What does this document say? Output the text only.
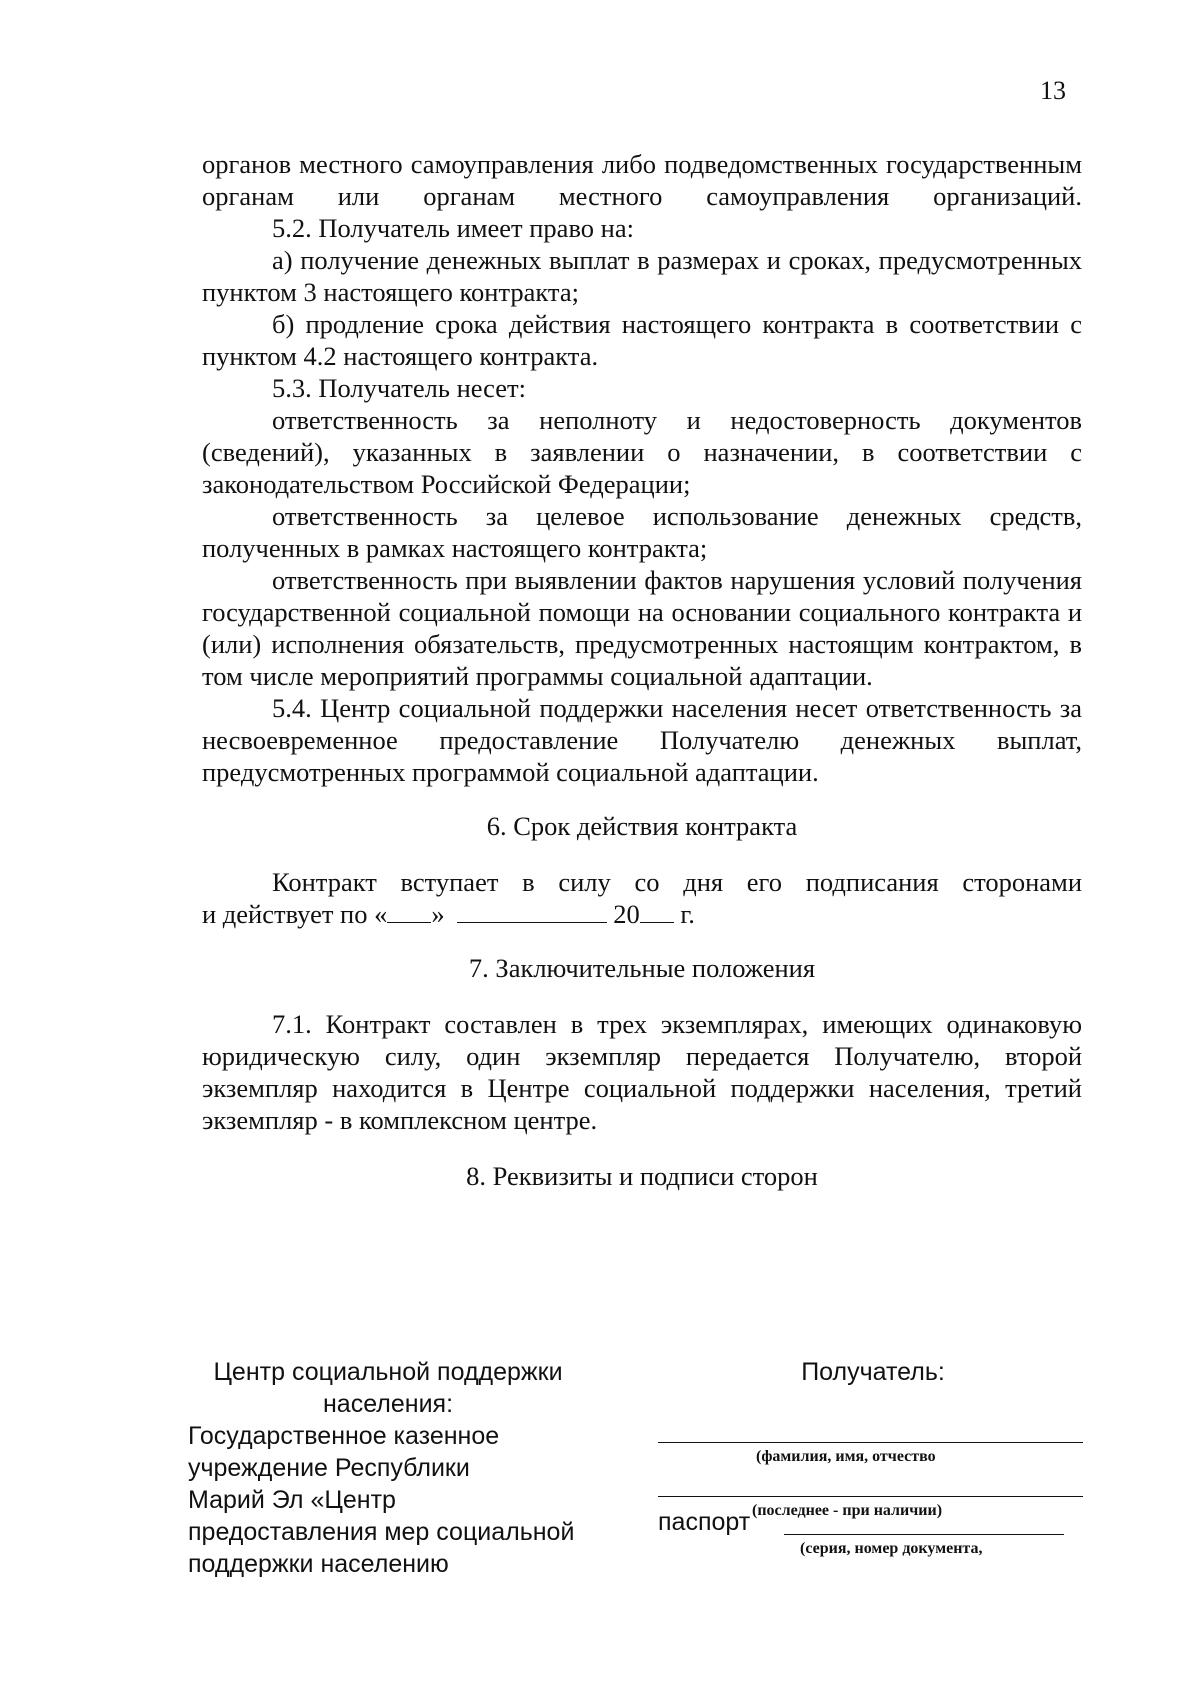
13

органов местного самоуправления либо подведомственных государственным органам или органам местного самоуправления организаций.

5.2. Получатель имеет право на:

а) получение денежных выплат в размерах и сроках, предусмотренных пунктом 3 настоящего контракта;

б) продление срока действия настоящего контракта в соответствии с пунктом 4.2 настоящего контракта.

5.3. Получатель несет:

ответственность за неполноту и недостоверность документов (сведений), указанных в заявлении о назначении, в соответствии с законодательством Российской Федерации;

ответственность за целевое использование денежных средств, полученных в рамках настоящего контракта;

ответственность при выявлении фактов нарушения условий получения государственной социальной помощи на основании социального контракта и (или) исполнения обязательств, предусмотренных настоящим контрактом, в том числе мероприятий программы социальной адаптации.

5.4. Центр социальной поддержки населения несет ответственность за несвоевременное предоставление Получателю денежных выплат, предусмотренных программой социальной адаптации.

6. Срок действия контракта

Контракт вступает в силу со дня его подписания сторонами

и действует по « »	20 г.

7. Заключительные положения

7.1. Контракт составлен в трех экземплярах, имеющих одинаковую юридическую силу, один экземпляр передается Получателю, второй экземпляр находится в Центре социальной поддержки населения, третий экземпляр - в комплексном центре.

8. Реквизиты и подписи сторон

Центр социальной поддержки
населения:
Государственное казенное
учреждение Республики
Марий Эл «Центр
предоставления мер социальной
поддержки населению
Получатель:
(фамилия, имя, отчество
(последнее - при наличии)
паспорт
(серия, номер документа,
